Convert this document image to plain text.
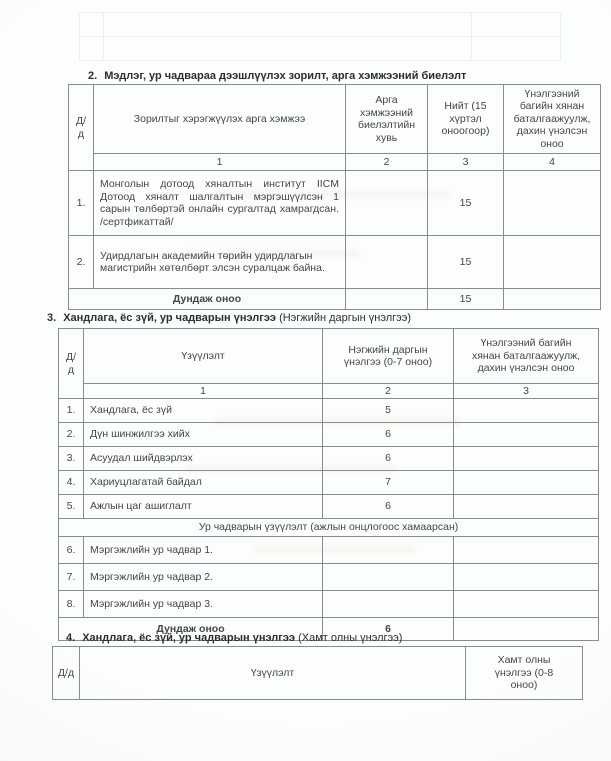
2. Мэдлэг, ур чадвараа дээшлүүлэх зорилт, арга хэмжээний биелэлт
Д/д	Зорилтыг хэрэгжүүлэх арга хэмжээ	Арга хэмжээний биелэлтийн хувь	Нийт (15 хүртэл оноогоор)	Үнэлгээний багийн хянан баталгаажуулж, дахин үнэлсэн оноо
	1	2	3	4
1.	Монголын дотоод хяналтын институт IICM Дотоод хяналт шалгалтын мэргэшүүлсэн 1 сарын төлбөртэй онлайн сургалтад хамрагдсан. /сертфикаттай/		15	
2.	Удирдлагын академийн төрийн удирдлагын магистрийн хөтөлбөрт элсэн суралцаж байна.		15	
Дундаж оноо			15	
3. Хандлага, ёс зүй, ур чадварын үнэлгээ (Нэгжийн даргын үнэлгээ)
Д/д	Үзүүлэлт	Нэгжийн даргын үнэлгээ (0-7 оноо)	Үнэлгээний багийн хянан баталгаажуулж, дахин үнэлсэн оноо
	1	2	3
1.	Хандлага, ёс зүй	5	
2.	Дүн шинжилгээ хийх	6	
3.	Асуудал шийдвэрлэх	6	
4.	Хариуцлагатай байдал	7	
5.	Ажлын цаг ашиглалт	6	
Ур чадварын үзүүлэлт (ажлын онцлогоос хамаарсан)			
6.	Мэргэжлийн ур чадвар 1.		
7.	Мэргэжлийн ур чадвар 2.		
8.	Мэргэжлийн ур чадвар 3.		
Дундаж оноо		6	
4. Хандлага, ёс зүй, ур чадварын үнэлгээ (Хамт олны үнэлгээ)
Д/д	Үзүүлэлт	Хамт олны үнэлгээ (0-8 оноо)
